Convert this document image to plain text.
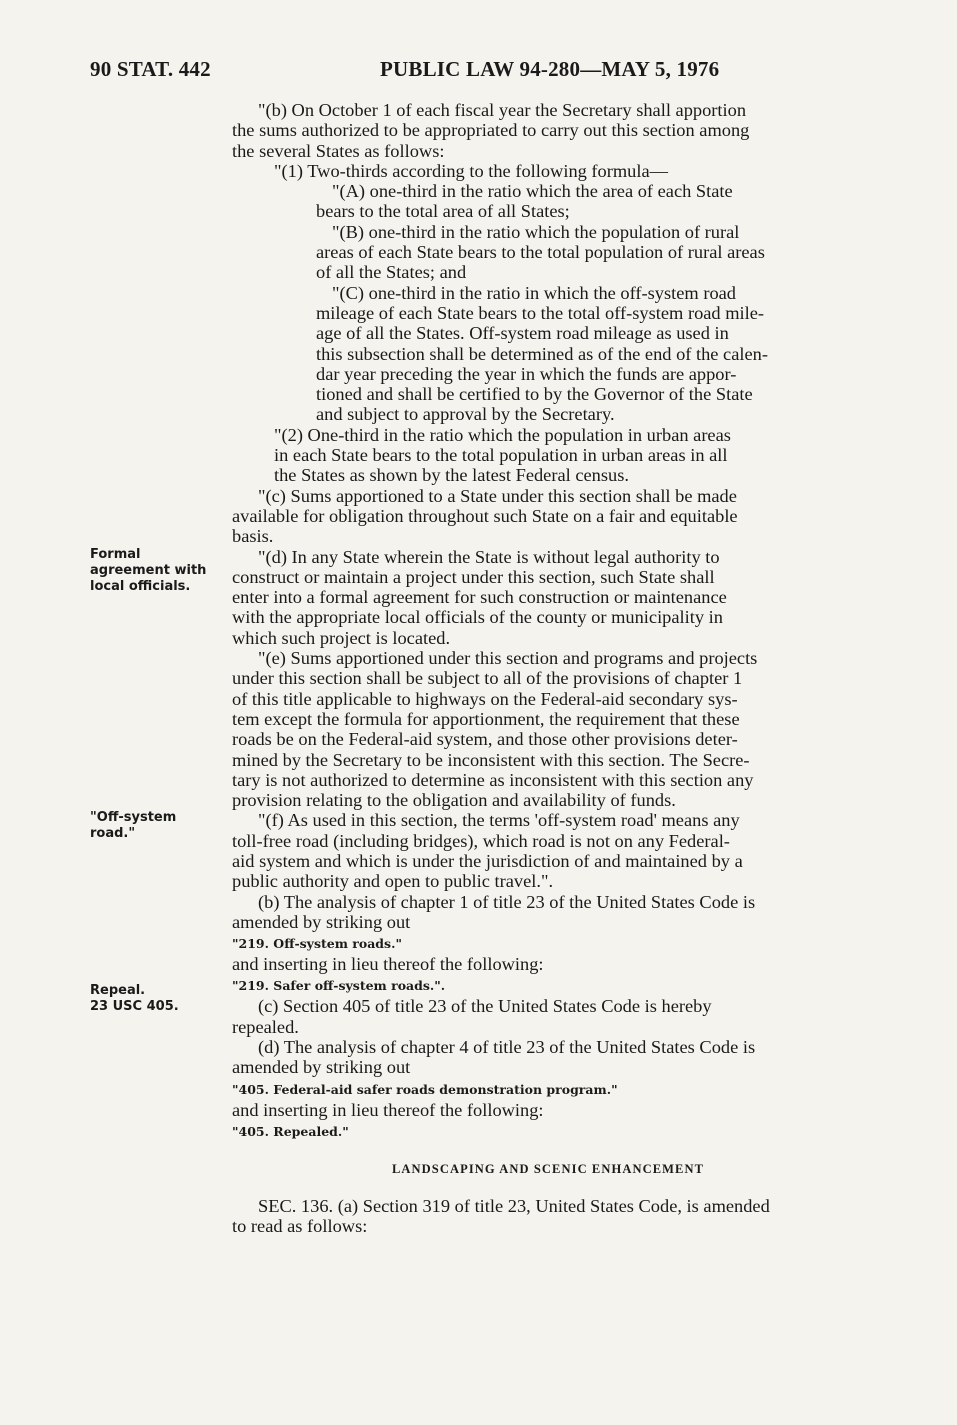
90 STAT. 442	PUBLIC LAW 94-280—MAY 5, 1976
Formal
agreement with
local officials.
"Off-system
road."
Repeal.
23 USC 405.
"(b) On October 1 of each fiscal year the Secretary shall apportion
the sums authorized to be appropriated to carry out this section among
the several States as follows:
"(1) Two-thirds according to the following formula—
"(A) one-third in the ratio which the area of each State
bears to the total area of all States;
"(B) one-third in the ratio which the population of rural
areas of each State bears to the total population of rural areas
of all the States; and
"(C) one-third in the ratio in which the off-system road
mileage of each State bears to the total off-system road mile-
age of all the States. Off-system road mileage as used in
this subsection shall be determined as of the end of the calen-
dar year preceding the year in which the funds are appor-
tioned and shall be certified to by the Governor of the State
and subject to approval by the Secretary.
"(2) One-third in the ratio which the population in urban areas
in each State bears to the total population in urban areas in all
the States as shown by the latest Federal census.
"(c) Sums apportioned to a State under this section shall be made
available for obligation throughout such State on a fair and equitable
basis.
"(d) In any State wherein the State is without legal authority to
construct or maintain a project under this section, such State shall
enter into a formal agreement for such construction or maintenance
with the appropriate local officials of the county or municipality in
which such project is located.
"(e) Sums apportioned under this section and programs and projects
under this section shall be subject to all of the provisions of chapter 1
of this title applicable to highways on the Federal-aid secondary sys-
tem except the formula for apportionment, the requirement that these
roads be on the Federal-aid system, and those other provisions deter-
mined by the Secretary to be inconsistent with this section. The Secre-
tary is not authorized to determine as inconsistent with this section any
provision relating to the obligation and availability of funds.
"(f) As used in this section, the terms 'off-system road' means any
toll-free road (including bridges), which road is not on any Federal-
aid system and which is under the jurisdiction of and maintained by a
public authority and open to public travel.".
(b) The analysis of chapter 1 of title 23 of the United States Code is
amended by striking out
"219. Off-system roads."
and inserting in lieu thereof the following:
"219. Safer off-system roads.".
(c) Section 405 of title 23 of the United States Code is hereby
repealed.
(d) The analysis of chapter 4 of title 23 of the United States Code is
amended by striking out
"405. Federal-aid safer roads demonstration program."
and inserting in lieu thereof the following:
"405. Repealed."
LANDSCAPING AND SCENIC ENHANCEMENT
SEC. 136. (a) Section 319 of title 23, United States Code, is amended
to read as follows:
